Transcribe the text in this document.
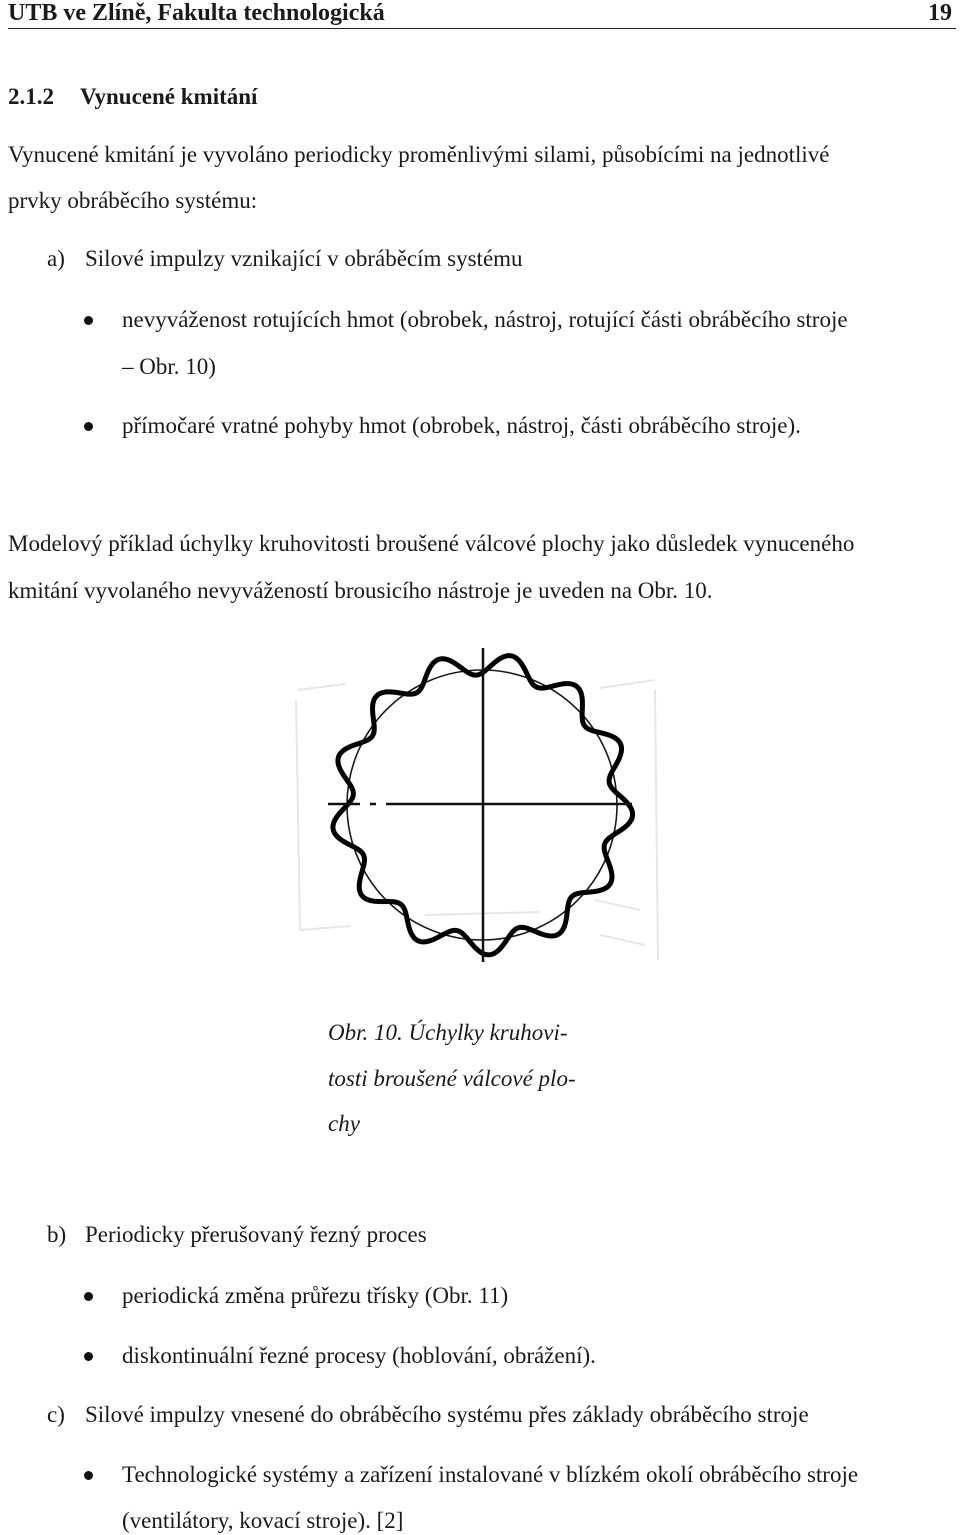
UTB ve Zlíně, Fakulta technologická	19
2.1.2 Vynucené kmitání
Vynucené kmitání je vyvoláno periodicky proměnlivými silami, působícími na jednotlivé
prvky obráběcího systému:
a) Silové impulzy vznikající v obráběcím systému
nevyváženost rotujících hmot (obrobek, nástroj, rotující části obráběcího stroje
– Obr. 10)
přímočaré vratné pohyby hmot (obrobek, nástroj, části obráběcího stroje).
Modelový příklad úchylky kruhovitosti broušené válcové plochy jako důsledek vynuceného
kmitání vyvolaného nevyvážeností brousicího nástroje je uveden na Obr. 10.
Obr. 10. Úchylky kruhovi-
tosti broušené válcové plo-
chy
b) Periodicky přerušovaný řezný proces
periodická změna průřezu třísky (Obr. 11)
diskontinuální řezné procesy (hoblování, obrážení).
c) Silové impulzy vnesené do obráběcího systému přes základy obráběcího stroje
Technologické systémy a zařízení instalované v blízkém okolí obráběcího stroje
(ventilátory, kovací stroje). [2]
